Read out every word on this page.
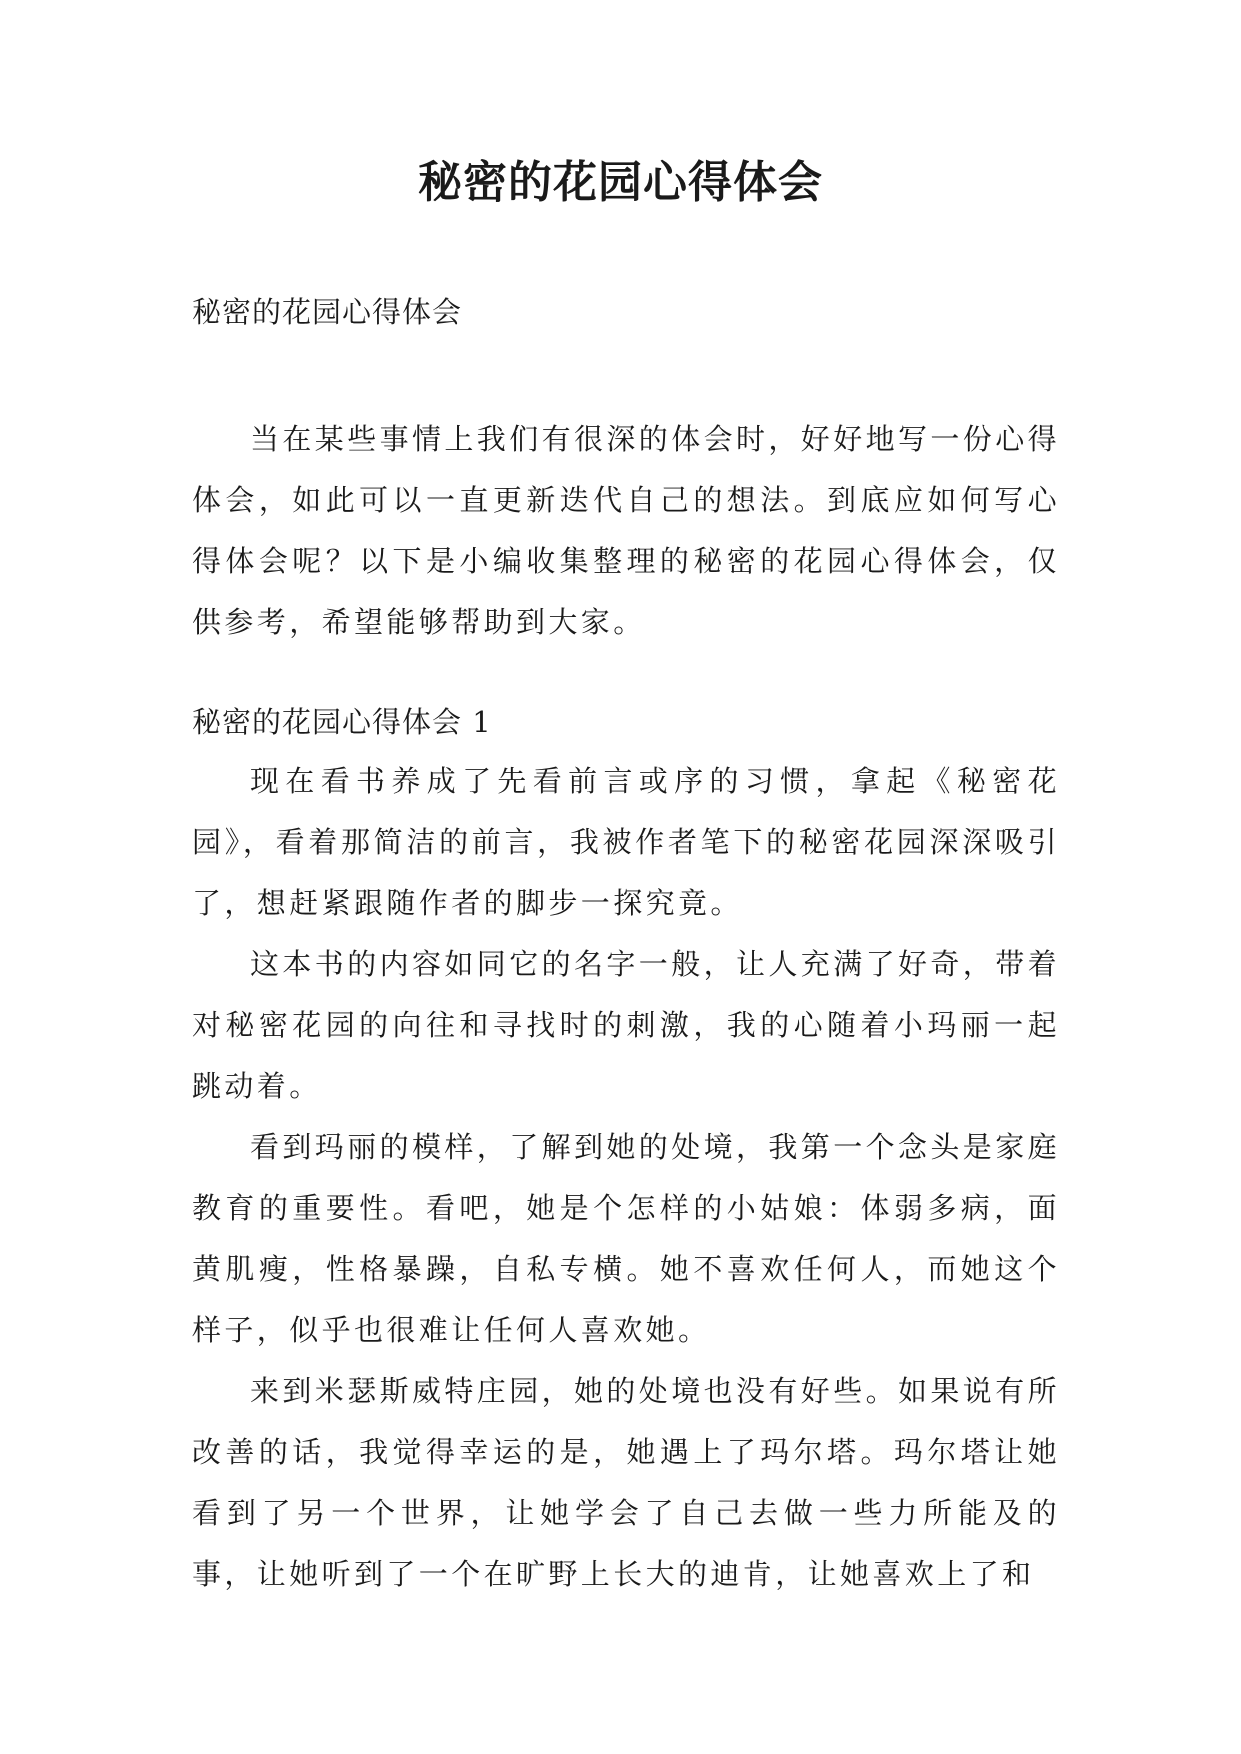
秘密的花园心得体会
秘密的花园心得体会

当在某些事情上我们有很深的体会时，好好地写一份心得体会，如此可以一直更新迭代自己的想法。到底应如何写心得体会呢？以下是小编收集整理的秘密的花园心得体会，仅供参考，希望能够帮助到大家。

秘密的花园心得体会 1

现在看书养成了先看前言或序的习惯，拿起《秘密花园》，看着那简洁的前言，我被作者笔下的秘密花园深深吸引了，想赶紧跟随作者的脚步一探究竟。

这本书的内容如同它的名字一般，让人充满了好奇，带着对秘密花园的向往和寻找时的刺激，我的心随着小玛丽一起跳动着。

看到玛丽的模样，了解到她的处境，我第一个念头是家庭教育的重要性。看吧，她是个怎样的小姑娘：体弱多病，面黄肌瘦，性格暴躁，自私专横。她不喜欢任何人，而她这个样子，似乎也很难让任何人喜欢她。

来到米瑟斯威特庄园，她的处境也没有好些。如果说有所改善的话，我觉得幸运的是，她遇上了玛尔塔。玛尔塔让她看到了另一个世界，让她学会了自己去做一些力所能及的事，让她听到了一个在旷野上长大的迪肯，让她喜欢上了和
